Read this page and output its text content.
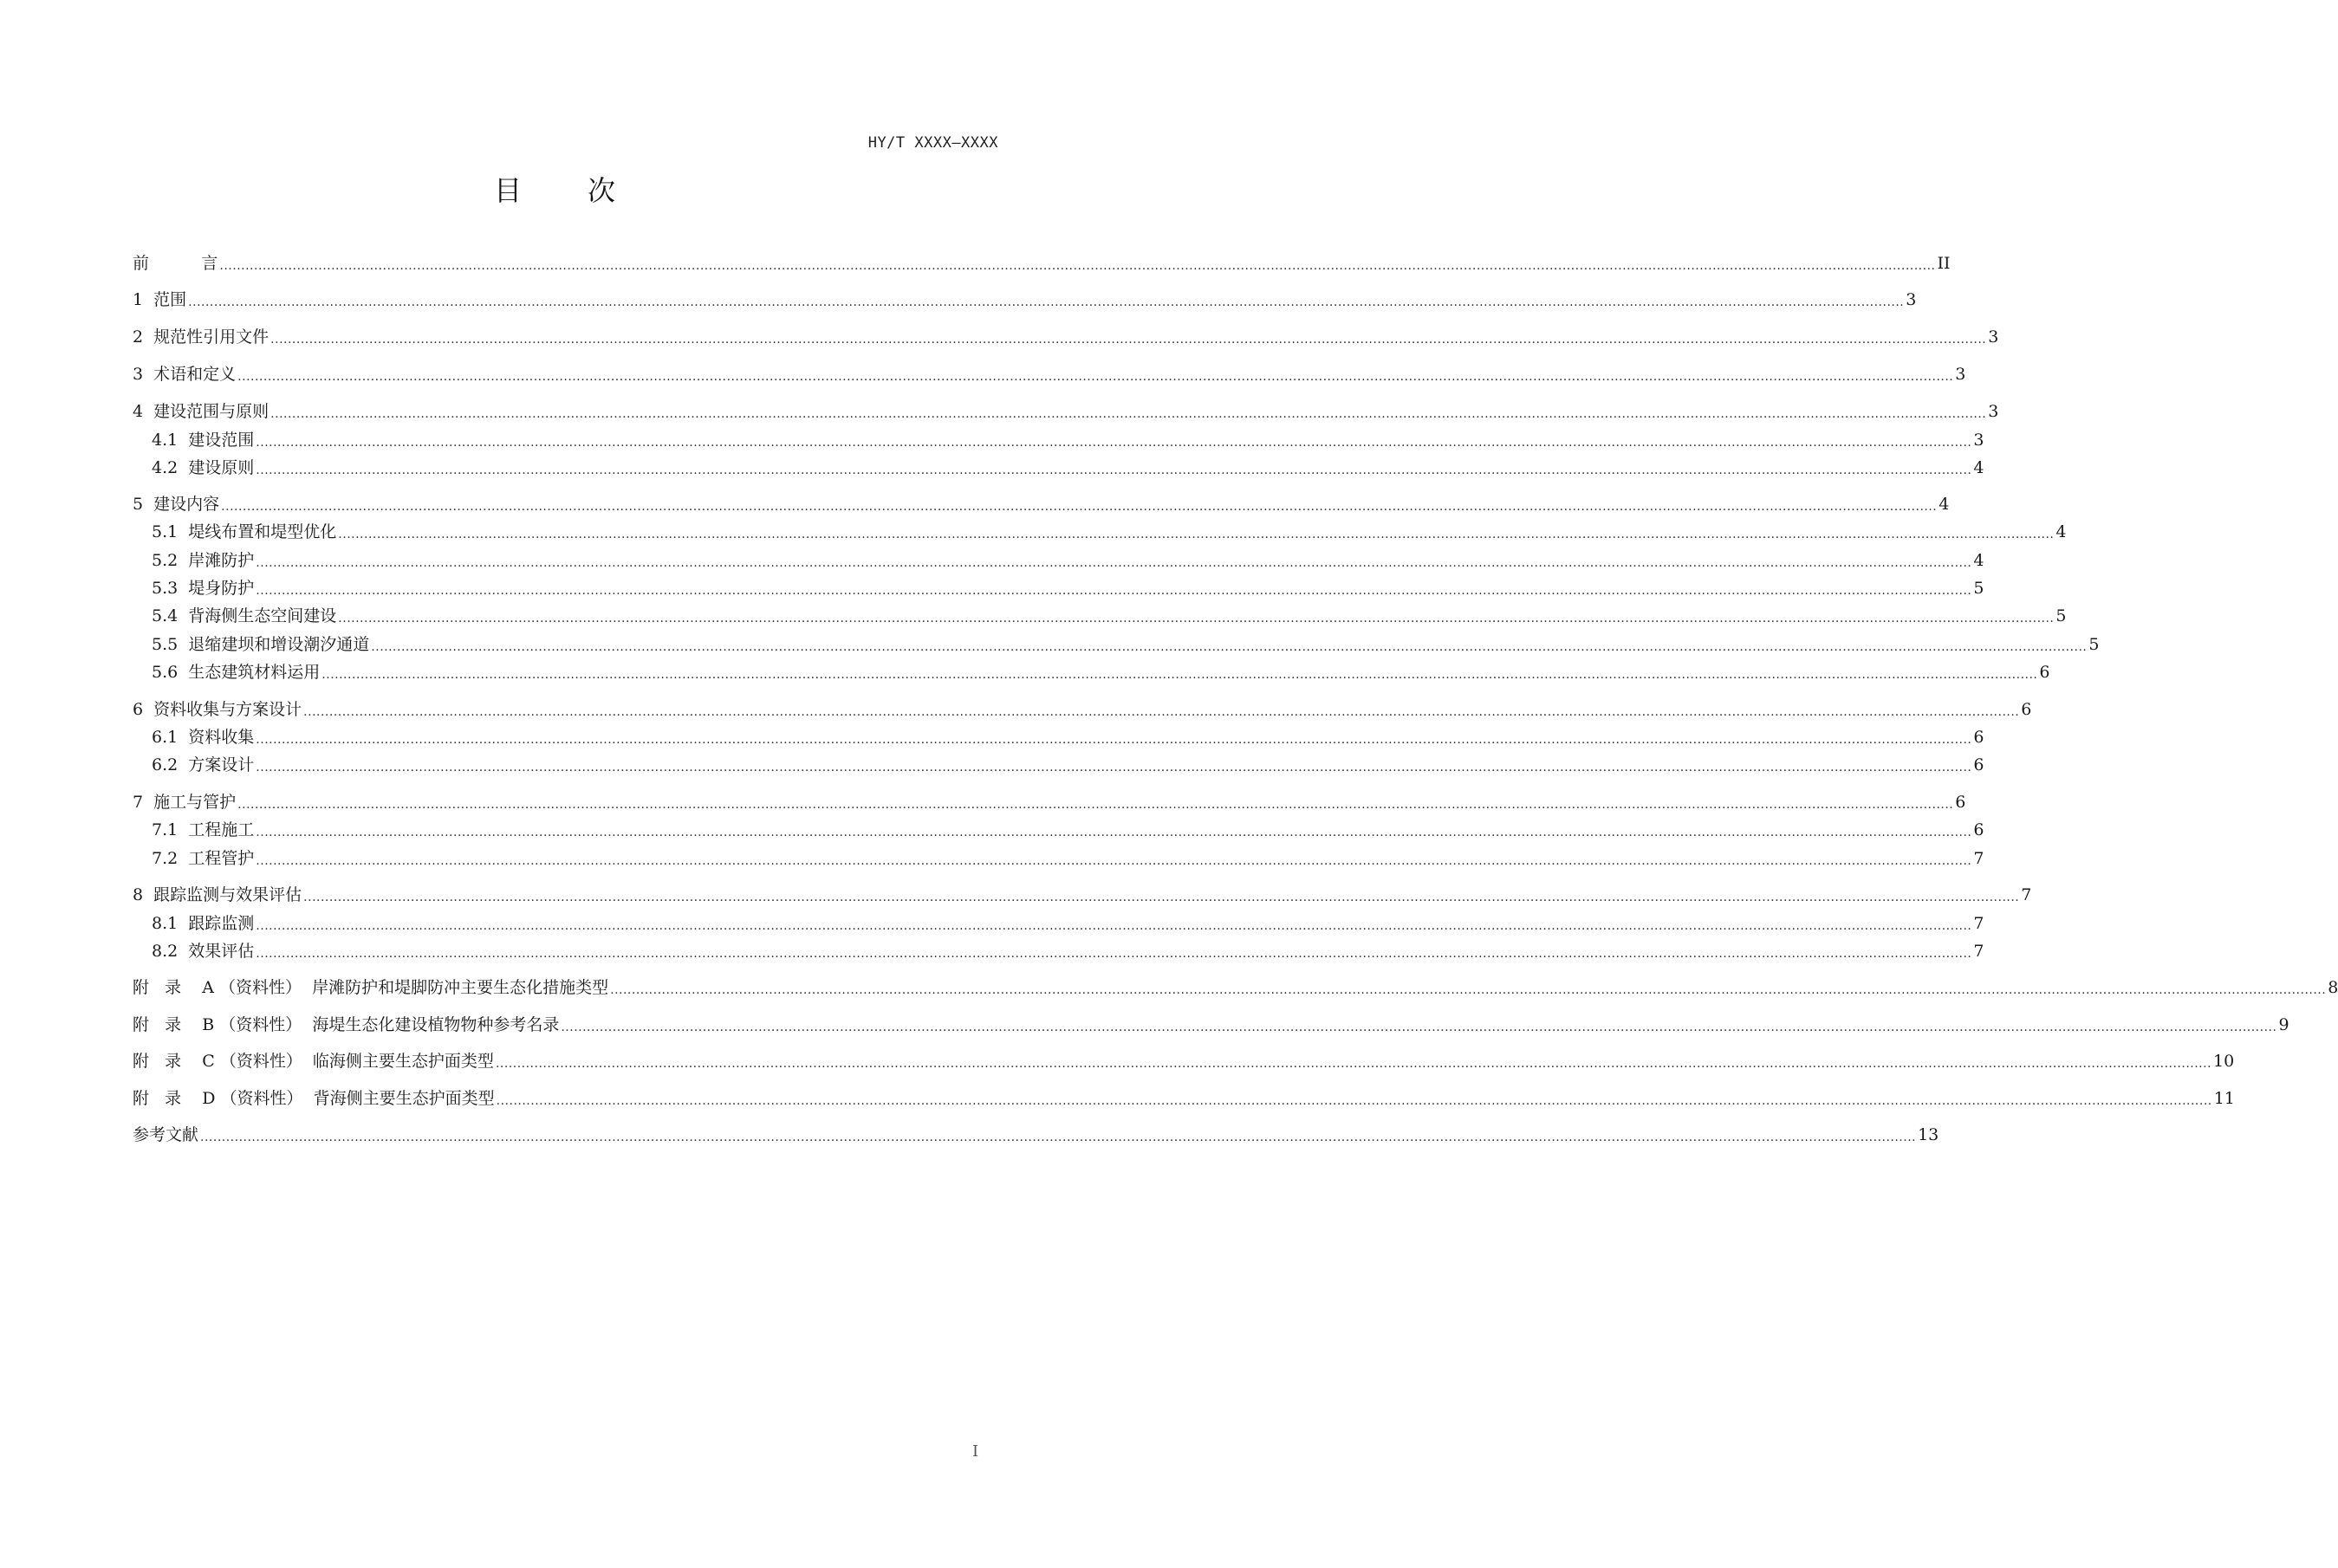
HY/T XXXX—XXXX
目 次
前          言 ................................................................................................................................................................................................................................................................................................................................................................................................................ II
1  范围 ................................................................................................................................................................................................................................................................................................................................................................................................................ 3
2  规范性引用文件 ................................................................................................................................................................................................................................................................................................................................................................................................................ 3
3  术语和定义 ................................................................................................................................................................................................................................................................................................................................................................................................................ 3
4  建设范围与原则 ................................................................................................................................................................................................................................................................................................................................................................................................................ 3
4.1  建设范围 ................................................................................................................................................................................................................................................................................................................................................................................................................ 3
4.2  建设原则 ................................................................................................................................................................................................................................................................................................................................................................................................................ 4
5  建设内容 ................................................................................................................................................................................................................................................................................................................................................................................................................ 4
5.1  堤线布置和堤型优化 ................................................................................................................................................................................................................................................................................................................................................................................................................ 4
5.2  岸滩防护 ................................................................................................................................................................................................................................................................................................................................................................................................................ 4
5.3  堤身防护 ................................................................................................................................................................................................................................................................................................................................................................................................................ 5
5.4  背海侧生态空间建设 ................................................................................................................................................................................................................................................................................................................................................................................................................ 5
5.5  退缩建坝和增设潮汐通道 ................................................................................................................................................................................................................................................................................................................................................................................................................ 5
5.6  生态建筑材料运用 ................................................................................................................................................................................................................................................................................................................................................................................................................ 6
6  资料收集与方案设计 ................................................................................................................................................................................................................................................................................................................................................................................................................ 6
6.1  资料收集 ................................................................................................................................................................................................................................................................................................................................................................................................................ 6
6.2  方案设计 ................................................................................................................................................................................................................................................................................................................................................................................................................ 6
7  施工与管护 ................................................................................................................................................................................................................................................................................................................................................................................................................ 6
7.1  工程施工 ................................................................................................................................................................................................................................................................................................................................................................................................................ 6
7.2  工程管护 ................................................................................................................................................................................................................................................................................................................................................................................................................ 7
8  跟踪监测与效果评估 ................................................................................................................................................................................................................................................................................................................................................................................................................ 7
8.1  跟踪监测 ................................................................................................................................................................................................................................................................................................................................................................................................................ 7
8.2  效果评估 ................................................................................................................................................................................................................................................................................................................................................................................................................ 7
附   录    A （资料性）  岸滩防护和堤脚防冲主要生态化措施类型 ................................................................................................................................................................................................................................................................................................................................................................................................................ 8
附   录    B （资料性）  海堤生态化建设植物物种参考名录 ................................................................................................................................................................................................................................................................................................................................................................................................................ 9
附   录    C （资料性）  临海侧主要生态护面类型 ................................................................................................................................................................................................................................................................................................................................................................................................................ 10
附   录    D （资料性）  背海侧主要生态护面类型 ................................................................................................................................................................................................................................................................................................................................................................................................................ 11
参考文献 ................................................................................................................................................................................................................................................................................................................................................................................................................ 13
I
